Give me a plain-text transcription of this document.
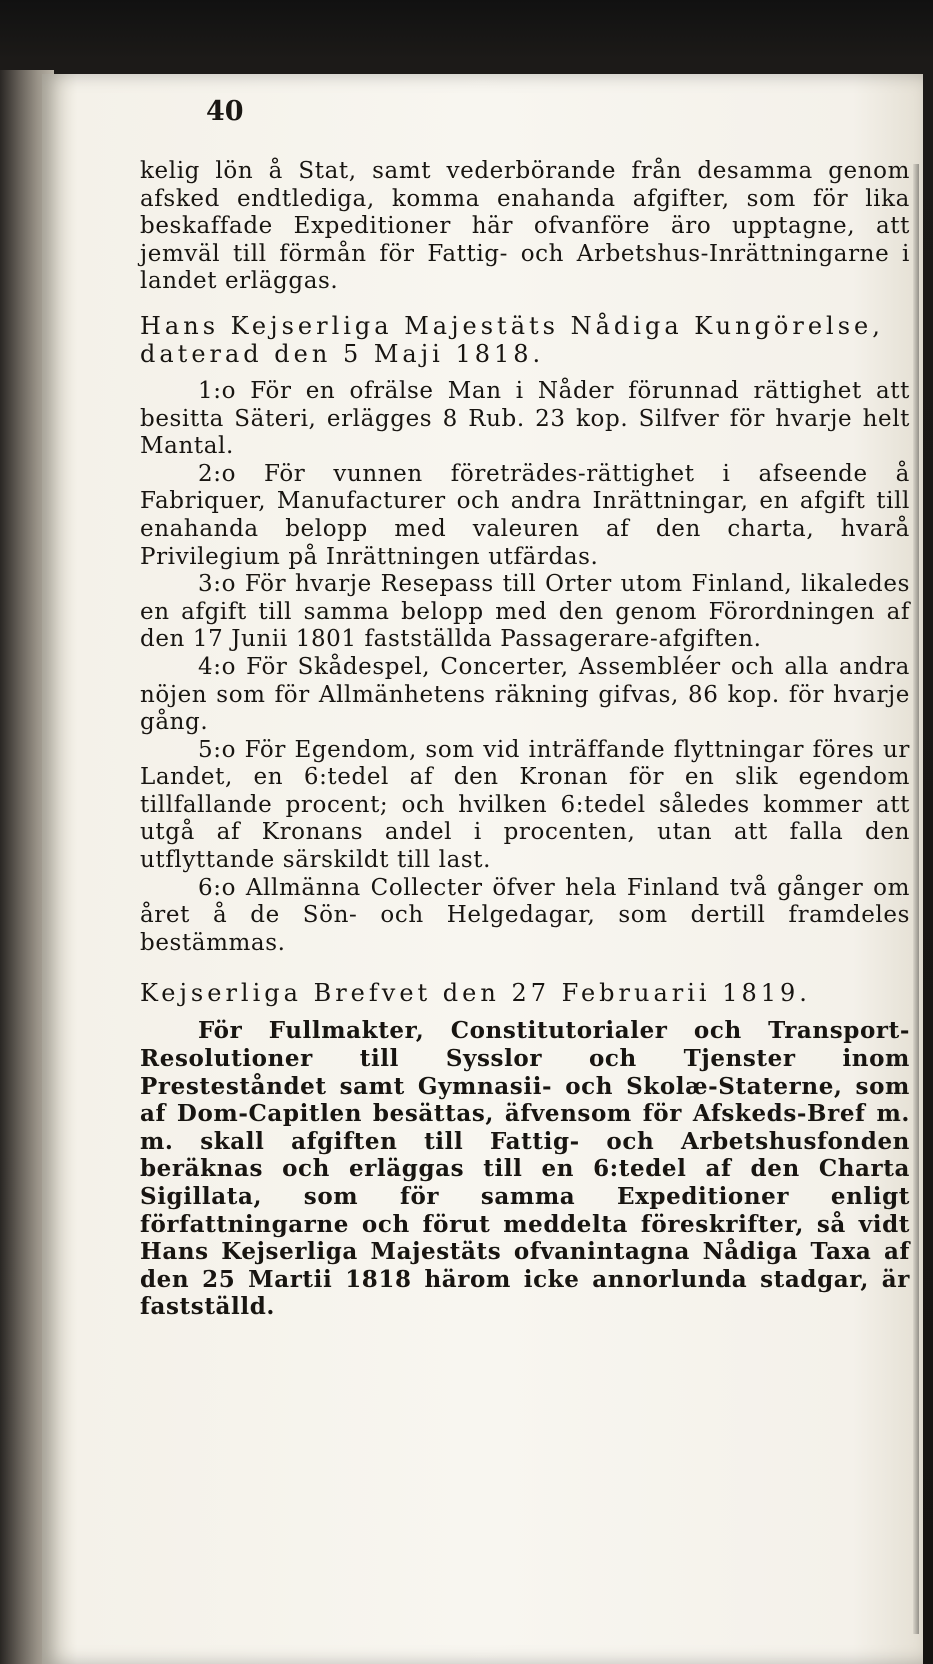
40

kelig lön å Stat, samt vederbörande från desamma genom afsked endtlediga, komma enahanda afgifter, som för lika beskaffade Expeditioner här ofvanföre äro upptagne, att jemväl till förmån för Fattig- och Arbetshus-Inrättningarne i landet erläggas.

Hans Kejserliga Majestäts Nådiga Kungörelse, daterad den 5 Maji 1818.

1:o För en ofrälse Man i Nåder förunnad rättighet att besitta Säteri, erlägges 8 Rub. 23 kop. Silfver för hvarje helt Mantal.

2:o För vunnen företrädes-rättighet i afseende å Fabriquer, Manufacturer och andra Inrättningar, en afgift till enahanda belopp med valeuren af den charta, hvarå Privilegium på Inrättningen utfärdas.

3:o För hvarje Resepass till Orter utom Finland, likaledes en afgift till samma belopp med den genom Förordningen af den 17 Junii 1801 fastställda Passagerare-afgiften.

4:o För Skådespel, Concerter, Assembléer och alla andra nöjen som för Allmänhetens räkning gifvas, 86 kop. för hvarje gång.

5:o För Egendom, som vid inträffande flyttningar föres ur Landet, en 6:tedel af den Kronan för en slik egendom tillfallande procent; och hvilken 6:tedel således kommer att utgå af Kronans andel i procenten, utan att falla den utflyttande särskildt till last.

6:o Allmänna Collecter öfver hela Finland två gånger om året å de Sön- och Helgedagar, som dertill framdeles bestämmas.

Kejserliga Brefvet den 27 Februarii 1819.

För Fullmakter, Constitutorialer och Transport-Resolutioner till Sysslor och Tjenster inom Presteståndet samt Gymnasii- och Skolæ-Staterne, som af Dom-Capitlen besättas, äfvensom för Afskeds-Bref m. m. skall afgiften till Fattig- och Arbetshusfonden beräknas och erläggas till en 6:tedel af den Charta Sigillata, som för samma Expeditioner enligt författningarne och förut meddelta föreskrifter, så vidt Hans Kejserliga Majestäts ofvanintagna Nådiga Taxa af den 25 Martii 1818 härom icke annorlunda stadgar, är fastställd.
